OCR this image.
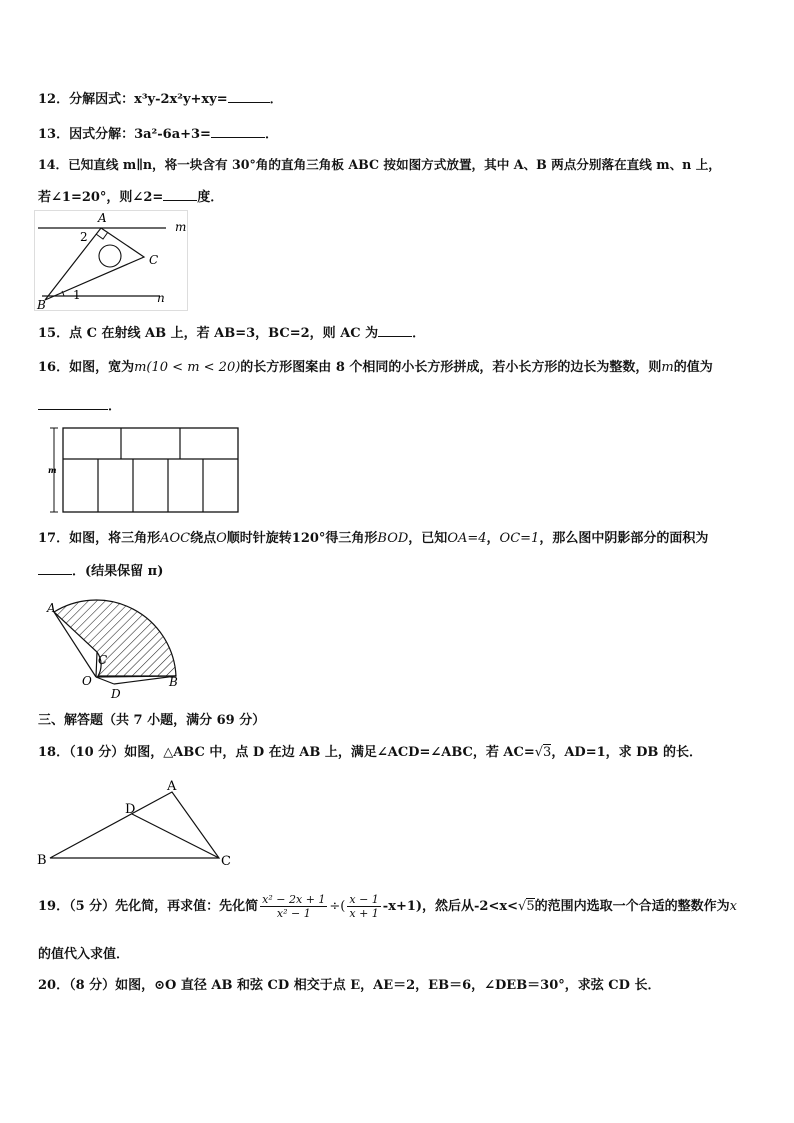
12．分解因式：x³y-2x²y+xy=	．
13．因式分解：3a²-6a+3=	．
14．已知直线 m∥n，将一块含有 30°角的直角三角板 ABC 按如图方式放置，其中 A、B 两点分别落在直线 m、n 上，
若∠1=20°，则∠2=	度．
A
C
B
m
n
1
2
15．点 C 在射线 AB 上，若 AB=3，BC=2，则 AC 为	．
16．如图，宽为m(10 < m < 20)的长方形图案由 8 个相同的小长方形拼成，若小长方形的边长为整数，则m的值为
．
m
17．如图，将三角形AOC绕点O顺时针旋转120°得三角形BOD，已知OA=4，OC=1，那么图中阴影部分的面积为
．(结果保留 π)
A
C
O
D
B
三、解答题（共 7 小题，满分 69 分）
18．（10 分）如图，△ABC 中，点 D 在边 AB 上，满足∠ACD=∠ABC，若 AC=√3，AD=1，求 DB 的长．
A
D
B	C
19．（5 分）先化简，再求值：先化简 $\frac{\text{x² − 2x + 1}}{\text{x² − 1}}$ ÷( $\frac{x - 1}{x + 1} -x+1$)，然后从-2<x<√5的范围内选取一个合适的整数作为x
的值代入求值．
20．（8 分）如图，⊙O 直径 AB 和弦 CD 相交于点 E，AE＝2，EB＝6，∠DEB＝30°，求弦 CD 长．
